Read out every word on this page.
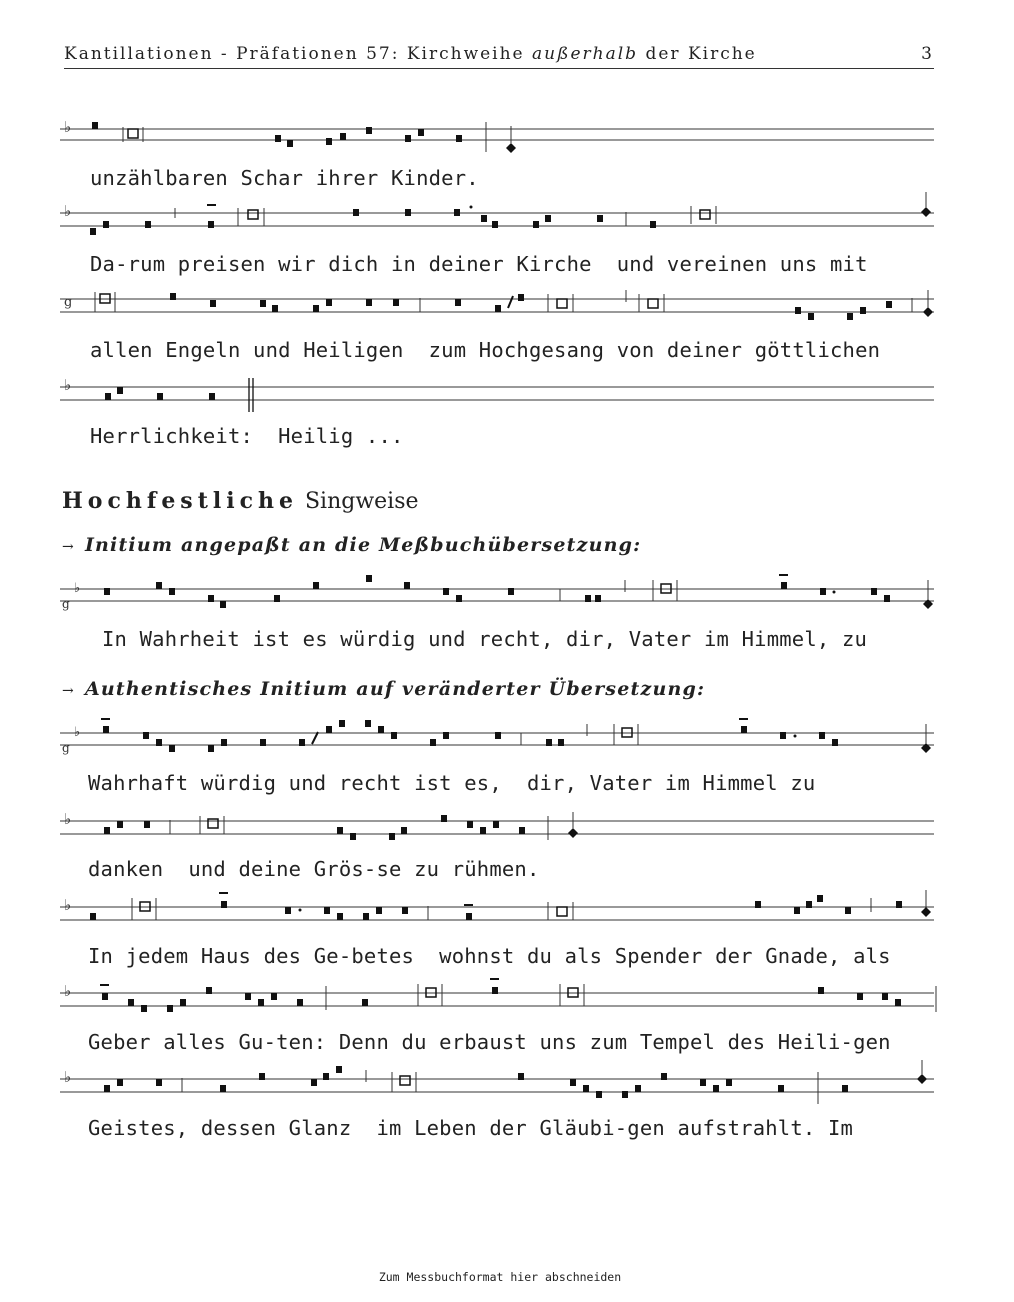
Kantillationen - Präfationen 57: Kirchweihe außerhalb der Kirche	3
♭
unzählbaren Schar ihrer Kinder.
♭
Da-rum preisen wir dich in deiner Kirche  und vereinen uns mit
g
allen Engeln und Heiligen  zum Hochgesang von deiner göttlichen
♭
Herrlichkeit:  Heilig ...
Hochfestliche Singweise
→ Initium angepaßt an die Meßbuchübersetzung:
♭
g
In Wahrheit ist es würdig und recht, dir, Vater im Himmel, zu
→ Authentisches Initium auf veränderter Übersetzung:
♭
g
Wahrhaft würdig und recht ist es,  dir, Vater im Himmel zu
♭
danken  und deine Grös-se zu rühmen.
♭
In jedem Haus des Ge-betes  wohnst du als Spender der Gnade, als
♭
Geber alles Gu-ten: Denn du erbaust uns zum Tempel des Heili-gen
♭
Geistes, dessen Glanz  im Leben der Gläubi-gen aufstrahlt. Im
Zum Messbuchformat hier abschneiden
